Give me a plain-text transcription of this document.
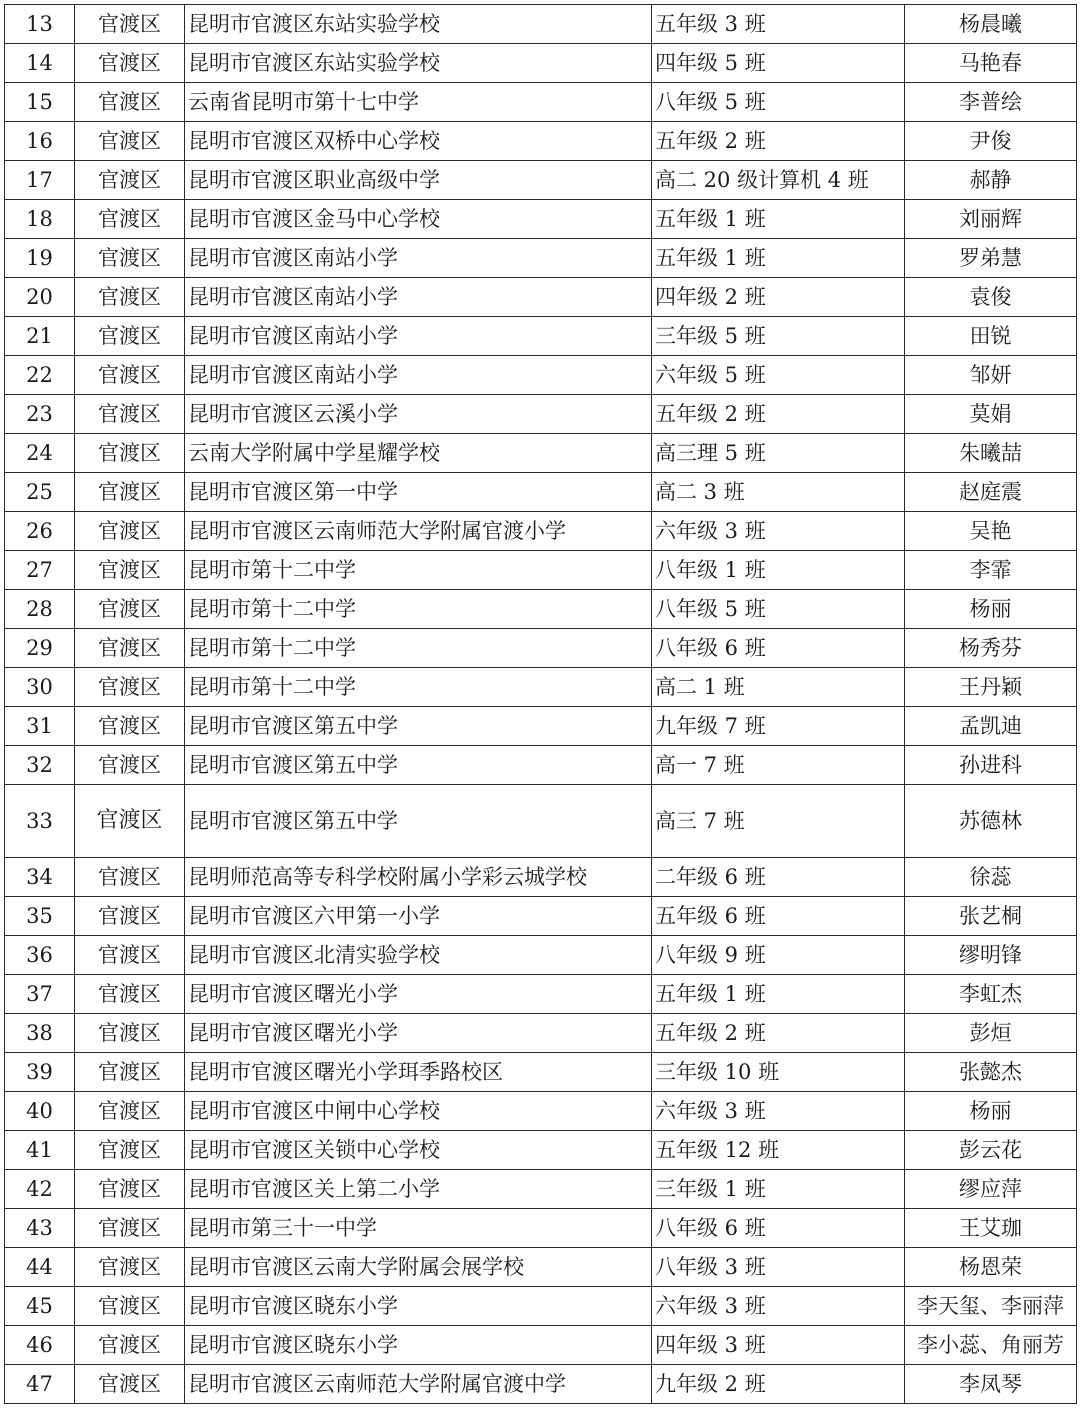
13	官渡区	昆明市官渡区东站实验学校	五年级 3 班	杨晨曦
14	官渡区	昆明市官渡区东站实验学校	四年级 5 班	马艳春
15	官渡区	云南省昆明市第十七中学	八年级 5 班	李普绘
16	官渡区	昆明市官渡区双桥中心学校	五年级 2 班	尹俊
17	官渡区	昆明市官渡区职业高级中学	高二 20 级计算机 4 班	郝静
18	官渡区	昆明市官渡区金马中心学校	五年级 1 班	刘丽辉
19	官渡区	昆明市官渡区南站小学	五年级 1 班	罗弟慧
20	官渡区	昆明市官渡区南站小学	四年级 2 班	袁俊
21	官渡区	昆明市官渡区南站小学	三年级 5 班	田锐
22	官渡区	昆明市官渡区南站小学	六年级 5 班	邹妍
23	官渡区	昆明市官渡区云溪小学	五年级 2 班	莫娟
24	官渡区	云南大学附属中学星耀学校	高三理 5 班	朱曦喆
25	官渡区	昆明市官渡区第一中学	高二 3 班	赵庭震
26	官渡区	昆明市官渡区云南师范大学附属官渡小学	六年级 3 班	吴艳
27	官渡区	昆明市第十二中学	八年级 1 班	李霏
28	官渡区	昆明市第十二中学	八年级 5 班	杨丽
29	官渡区	昆明市第十二中学	八年级 6 班	杨秀芬
30	官渡区	昆明市第十二中学	高二 1 班	王丹颖
31	官渡区	昆明市官渡区第五中学	九年级 7 班	孟凯迪
32	官渡区	昆明市官渡区第五中学	高一 7 班	孙进科
33	官渡区	昆明市官渡区第五中学	高三 7 班	苏德林
34	官渡区	昆明师范高等专科学校附属小学彩云城学校	二年级 6 班	徐蕊
35	官渡区	昆明市官渡区六甲第一小学	五年级 6 班	张艺桐
36	官渡区	昆明市官渡区北清实验学校	八年级 9 班	缪明锋
37	官渡区	昆明市官渡区曙光小学	五年级 1 班	李虹杰
38	官渡区	昆明市官渡区曙光小学	五年级 2 班	彭烜
39	官渡区	昆明市官渡区曙光小学珥季路校区	三年级 10 班	张懿杰
40	官渡区	昆明市官渡区中闸中心学校	六年级 3 班	杨丽
41	官渡区	昆明市官渡区关锁中心学校	五年级 12 班	彭云花
42	官渡区	昆明市官渡区关上第二小学	三年级 1 班	缪应萍
43	官渡区	昆明市第三十一中学	八年级 6 班	王艾珈
44	官渡区	昆明市官渡区云南大学附属会展学校	八年级 3 班	杨恩荣
45	官渡区	昆明市官渡区晓东小学	六年级 3 班	李天玺、李丽萍
46	官渡区	昆明市官渡区晓东小学	四年级 3 班	李小蕊、角丽芳
47	官渡区	昆明市官渡区云南师范大学附属官渡中学	九年级 2 班	李凤琴
